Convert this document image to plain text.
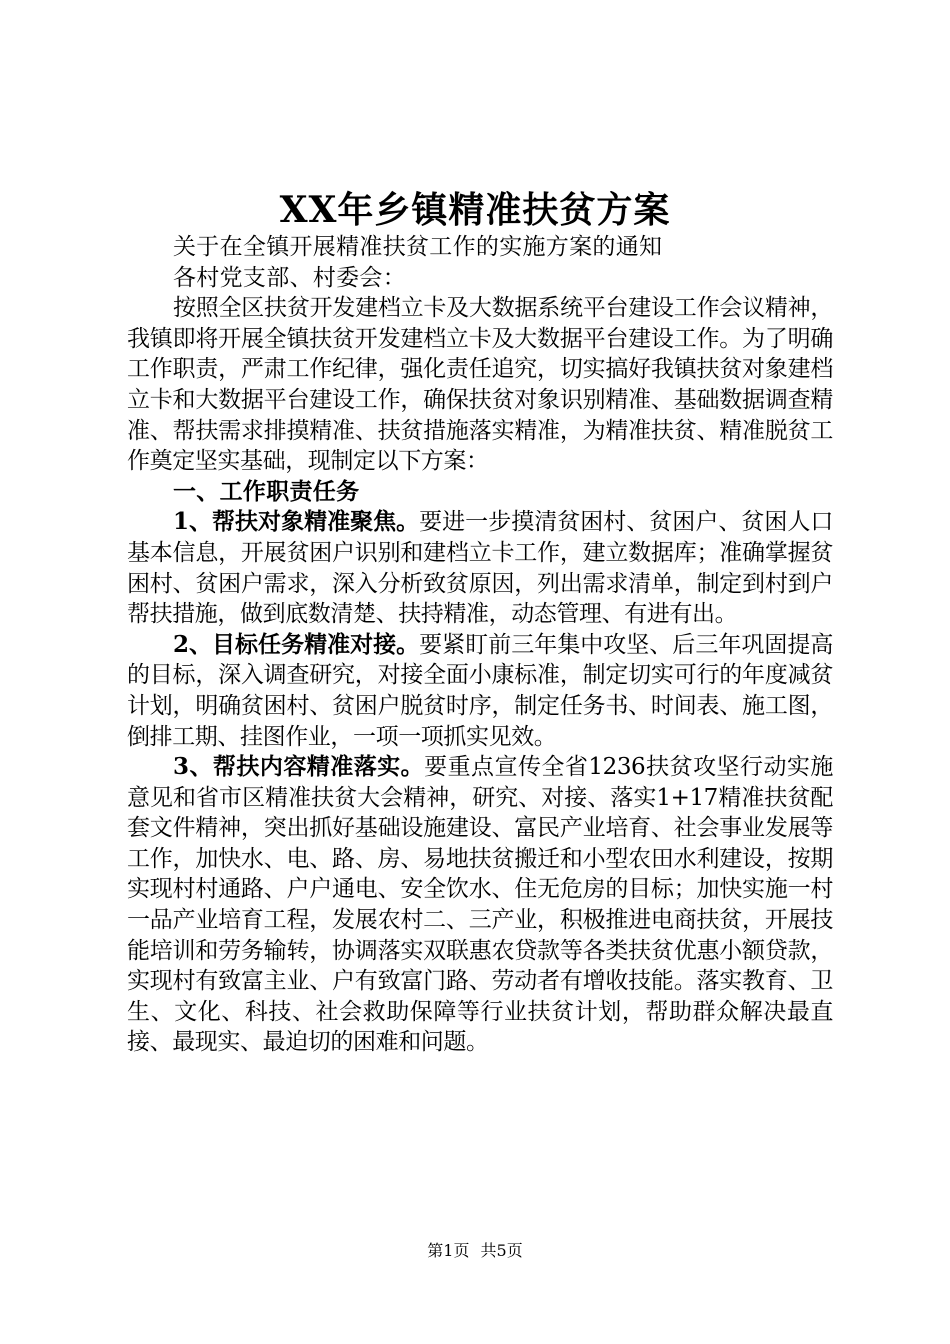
XX年乡镇精准扶贫方案

关于在全镇开展精准扶贫工作的实施方案的通知

各村党支部、村委会：

按照全区扶贫开发建档立卡及大数据系统平台建设工作会议精神，我镇即将开展全镇扶贫开发建档立卡及大数据平台建设工作。为了明确工作职责，严肃工作纪律，强化责任追究，切实搞好我镇扶贫对象建档立卡和大数据平台建设工作，确保扶贫对象识别精准、基础数据调查精准、帮扶需求排摸精准、扶贫措施落实精准，为精准扶贫、精准脱贫工作奠定坚实基础，现制定以下方案：

一、工作职责任务

1、帮扶对象精准聚焦。要进一步摸清贫困村、贫困户、贫困人口基本信息，开展贫困户识别和建档立卡工作，建立数据库；准确掌握贫困村、贫困户需求，深入分析致贫原因，列出需求清单，制定到村到户帮扶措施，做到底数清楚、扶持精准，动态管理、有进有出。

2、目标任务精准对接。要紧盯前三年集中攻坚、后三年巩固提高的目标，深入调查研究，对接全面小康标准，制定切实可行的年度减贫计划，明确贫困村、贫困户脱贫时序，制定任务书、时间表、施工图，倒排工期、挂图作业，一项一项抓实见效。

3、帮扶内容精准落实。要重点宣传全省1236扶贫攻坚行动实施意见和省市区精准扶贫大会精神，研究、对接、落实1+17精准扶贫配套文件精神，突出抓好基础设施建设、富民产业培育、社会事业发展等工作，加快水、电、路、房、易地扶贫搬迁和小型农田水利建设，按期实现村村通路、户户通电、安全饮水、住无危房的目标；加快实施一村一品产业培育工程，发展农村二、三产业，积极推进电商扶贫，开展技能培训和劳务输转，协调落实双联惠农贷款等各类扶贫优惠小额贷款，实现村有致富主业、户有致富门路、劳动者有增收技能。落实教育、卫生、文化、科技、社会救助保障等行业扶贫计划，帮助群众解决最直接、最现实、最迫切的困难和问题。

第1页 共5页
